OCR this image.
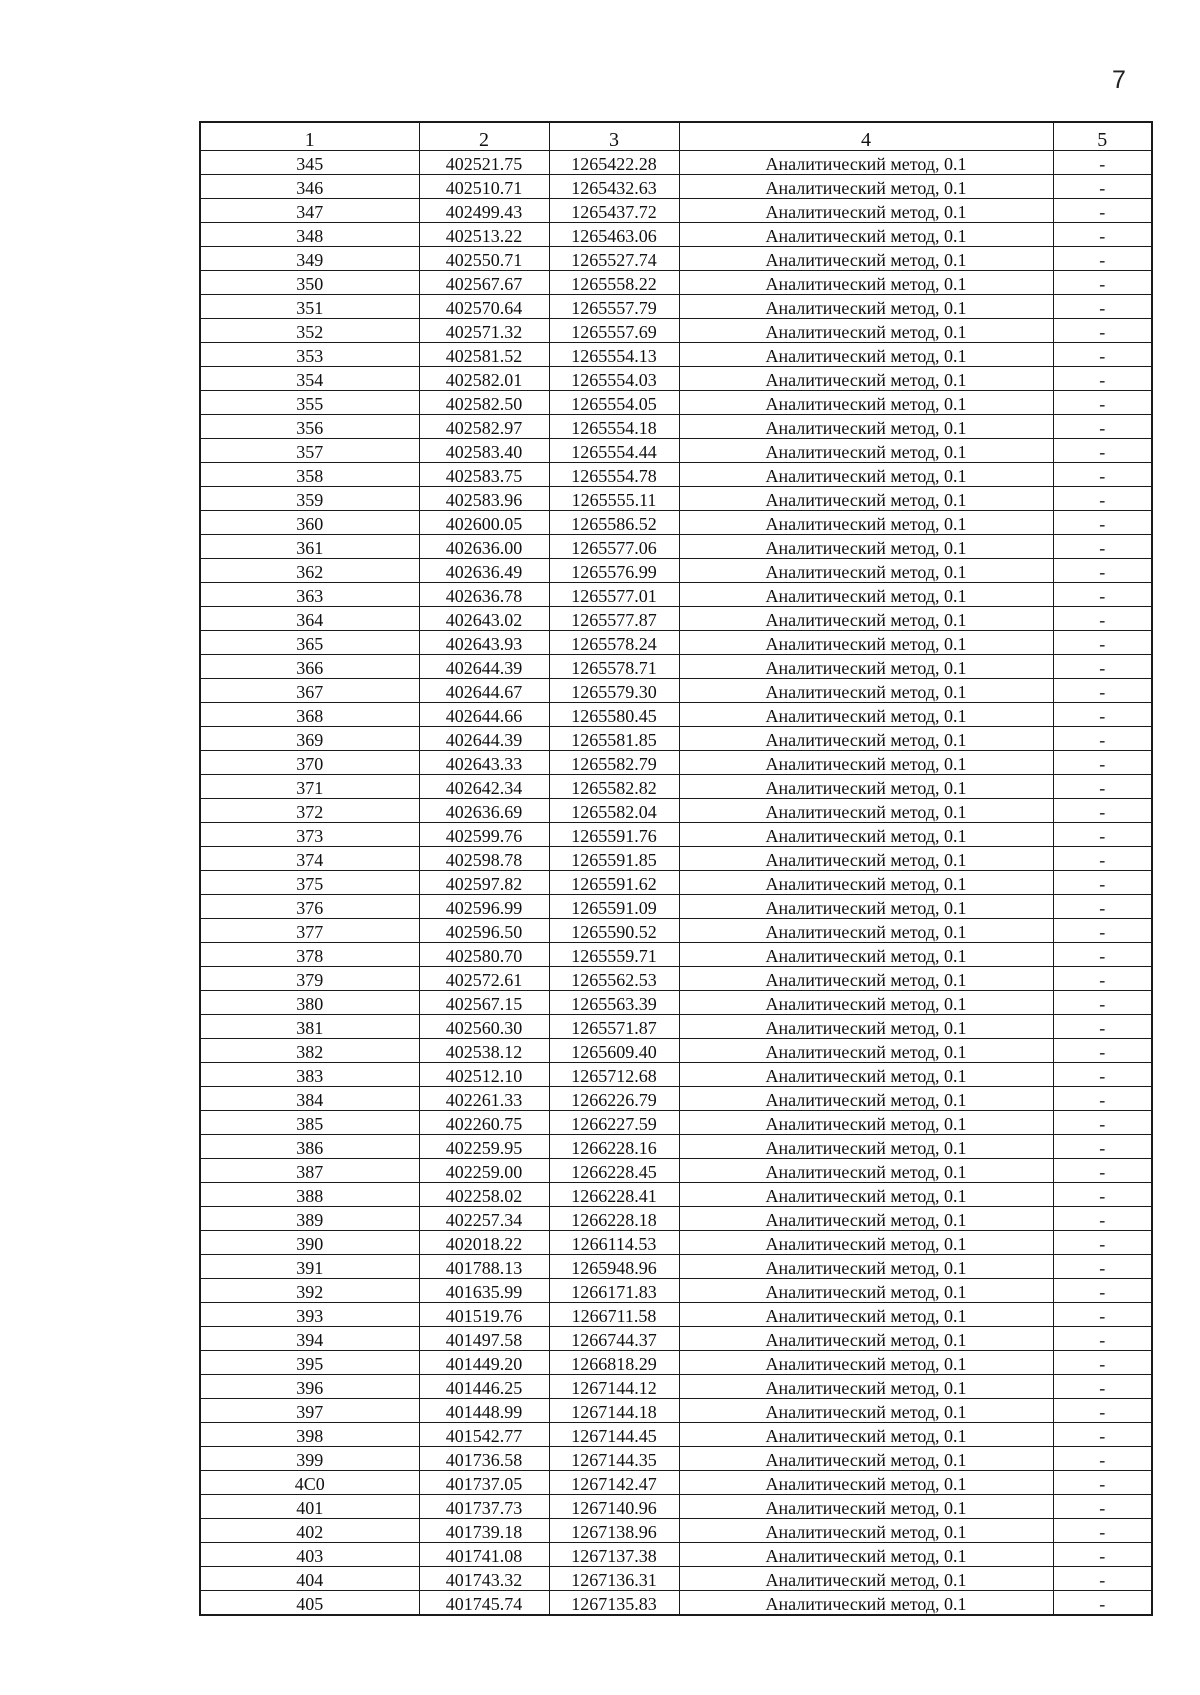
7
1	2	3	4	5
345	402521.75	1265422.28	Аналитический метод, 0.1	-
346	402510.71	1265432.63	Аналитический метод, 0.1	-
347	402499.43	1265437.72	Аналитический метод, 0.1	-
348	402513.22	1265463.06	Аналитический метод, 0.1	-
349	402550.71	1265527.74	Аналитический метод, 0.1	-
350	402567.67	1265558.22	Аналитический метод, 0.1	-
351	402570.64	1265557.79	Аналитический метод, 0.1	-
352	402571.32	1265557.69	Аналитический метод, 0.1	-
353	402581.52	1265554.13	Аналитический метод, 0.1	-
354	402582.01	1265554.03	Аналитический метод, 0.1	-
355	402582.50	1265554.05	Аналитический метод, 0.1	-
356	402582.97	1265554.18	Аналитический метод, 0.1	-
357	402583.40	1265554.44	Аналитический метод, 0.1	-
358	402583.75	1265554.78	Аналитический метод, 0.1	-
359	402583.96	1265555.11	Аналитический метод, 0.1	-
360	402600.05	1265586.52	Аналитический метод, 0.1	-
361	402636.00	1265577.06	Аналитический метод, 0.1	-
362	402636.49	1265576.99	Аналитический метод, 0.1	-
363	402636.78	1265577.01	Аналитический метод, 0.1	-
364	402643.02	1265577.87	Аналитический метод, 0.1	-
365	402643.93	1265578.24	Аналитический метод, 0.1	-
366	402644.39	1265578.71	Аналитический метод, 0.1	-
367	402644.67	1265579.30	Аналитический метод, 0.1	-
368	402644.66	1265580.45	Аналитический метод, 0.1	-
369	402644.39	1265581.85	Аналитический метод, 0.1	-
370	402643.33	1265582.79	Аналитический метод, 0.1	-
371	402642.34	1265582.82	Аналитический метод, 0.1	-
372	402636.69	1265582.04	Аналитический метод, 0.1	-
373	402599.76	1265591.76	Аналитический метод, 0.1	-
374	402598.78	1265591.85	Аналитический метод, 0.1	-
375	402597.82	1265591.62	Аналитический метод, 0.1	-
376	402596.99	1265591.09	Аналитический метод, 0.1	-
377	402596.50	1265590.52	Аналитический метод, 0.1	-
378	402580.70	1265559.71	Аналитический метод, 0.1	-
379	402572.61	1265562.53	Аналитический метод, 0.1	-
380	402567.15	1265563.39	Аналитический метод, 0.1	-
381	402560.30	1265571.87	Аналитический метод, 0.1	-
382	402538.12	1265609.40	Аналитический метод, 0.1	-
383	402512.10	1265712.68	Аналитический метод, 0.1	-
384	402261.33	1266226.79	Аналитический метод, 0.1	-
385	402260.75	1266227.59	Аналитический метод, 0.1	-
386	402259.95	1266228.16	Аналитический метод, 0.1	-
387	402259.00	1266228.45	Аналитический метод, 0.1	-
388	402258.02	1266228.41	Аналитический метод, 0.1	-
389	402257.34	1266228.18	Аналитический метод, 0.1	-
390	402018.22	1266114.53	Аналитический метод, 0.1	-
391	401788.13	1265948.96	Аналитический метод, 0.1	-
392	401635.99	1266171.83	Аналитический метод, 0.1	-
393	401519.76	1266711.58	Аналитический метод, 0.1	-
394	401497.58	1266744.37	Аналитический метод, 0.1	-
395	401449.20	1266818.29	Аналитический метод, 0.1	-
396	401446.25	1267144.12	Аналитический метод, 0.1	-
397	401448.99	1267144.18	Аналитический метод, 0.1	-
398	401542.77	1267144.45	Аналитический метод, 0.1	-
399	401736.58	1267144.35	Аналитический метод, 0.1	-
4С0	401737.05	1267142.47	Аналитический метод, 0.1	-
401	401737.73	1267140.96	Аналитический метод, 0.1	-
402	401739.18	1267138.96	Аналитический метод, 0.1	-
403	401741.08	1267137.38	Аналитический метод, 0.1	-
404	401743.32	1267136.31	Аналитический метод, 0.1	-
405	401745.74	1267135.83	Аналитический метод, 0.1	-
